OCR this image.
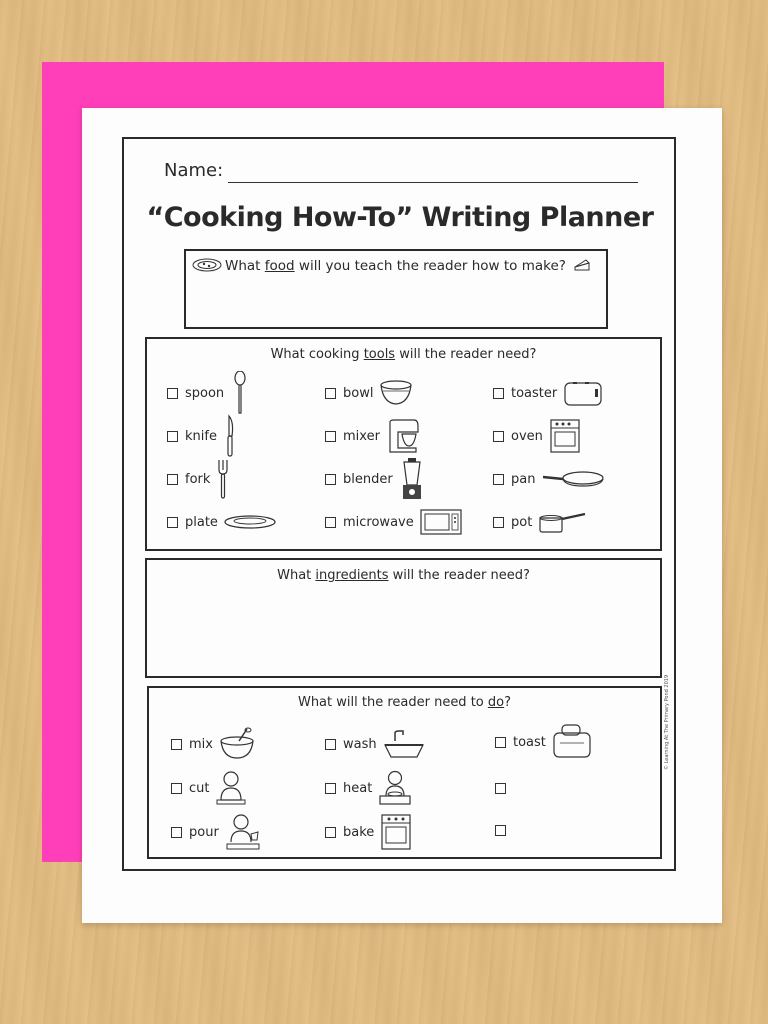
Name:
“Cooking How-To” Writing Planner
What food will you teach the reader how to make?
What cooking tools will the reader need?
spoon	bowl	toaster
knife	mixer	oven
fork	blender	pan
plate	microwave	pot
What ingredients will the reader need?
What will the reader need to do?
mix	wash	toast
cut	heat
pour	bake
© Learning At The Primary Pond 2019
